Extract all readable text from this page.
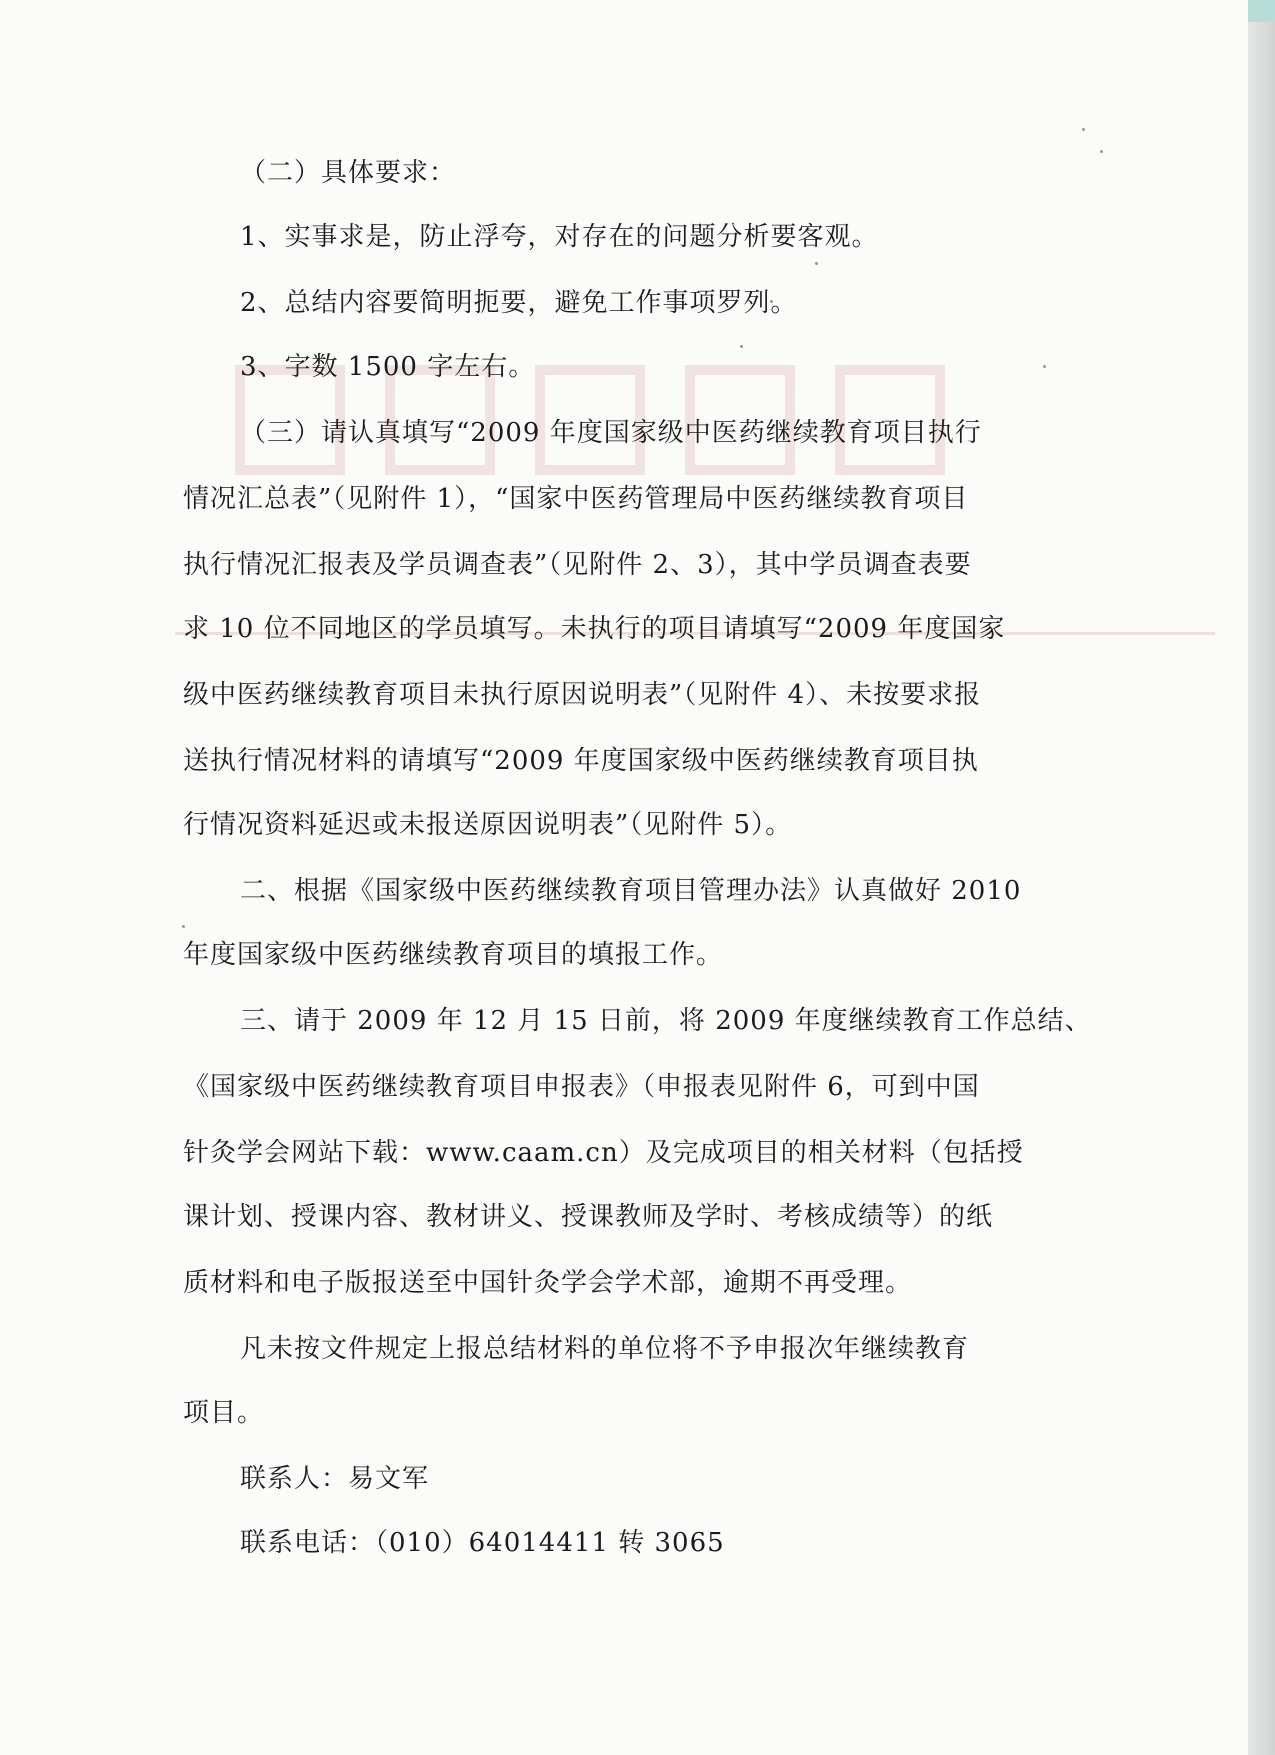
（二）具体要求：
1、实事求是，防止浮夸，对存在的问题分析要客观。
2、总结内容要简明扼要，避免工作事项罗列。
3、字数 1500 字左右。
（三）请认真填写“2009 年度国家级中医药继续教育项目执行
情况汇总表”（见附件 1），“国家中医药管理局中医药继续教育项目
执行情况汇报表及学员调查表”（见附件 2、3），其中学员调查表要
求 10 位不同地区的学员填写。未执行的项目请填写“2009 年度国家
级中医药继续教育项目未执行原因说明表”（见附件 4）、未按要求报
送执行情况材料的请填写“2009 年度国家级中医药继续教育项目执
行情况资料延迟或未报送原因说明表”（见附件 5）。
二、根据《国家级中医药继续教育项目管理办法》认真做好 2010
年度国家级中医药继续教育项目的填报工作。
三、请于 2009 年 12 月 15 日前，将 2009 年度继续教育工作总结、
《国家级中医药继续教育项目申报表》（申报表见附件 6，可到中国
针灸学会网站下载：www.caam.cn）及完成项目的相关材料（包括授
课计划、授课内容、教材讲义、授课教师及学时、考核成绩等）的纸
质材料和电子版报送至中国针灸学会学术部，逾期不再受理。
凡未按文件规定上报总结材料的单位将不予申报次年继续教育
项目。
联系人：易文军
联系电话：（010）64014411 转 3065
